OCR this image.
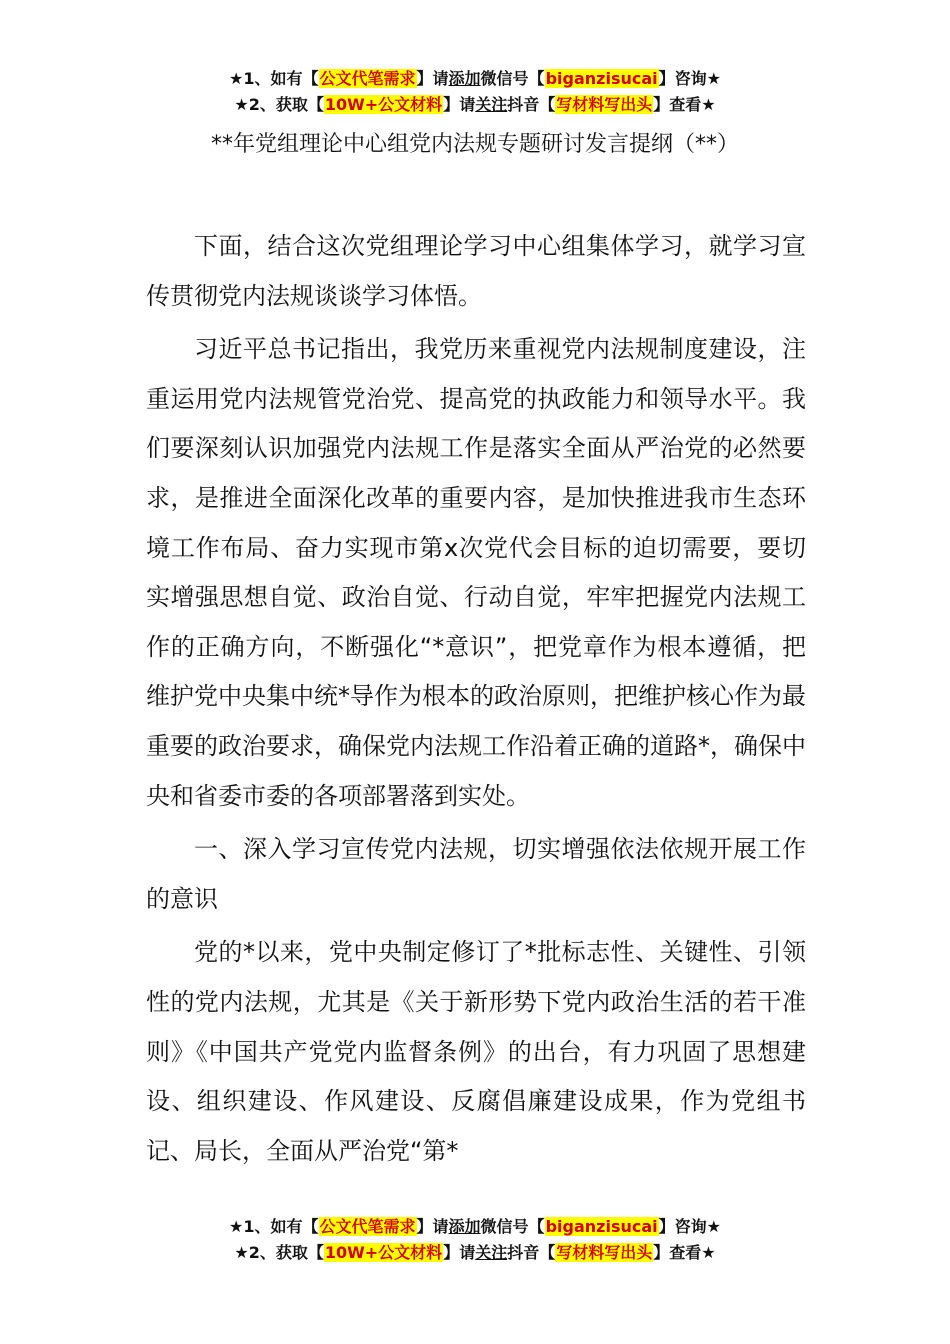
★1、如有【公文代笔需求】请添加微信号【biganzisucai】咨询★
★2、获取【10W+公文材料】请关注抖音【写材料写出头】查看★
**年党组理论中心组党内法规专题研讨发言提纲（**）

下面，结合这次党组理论学习中心组集体学习，就学习宣传贯彻党内法规谈谈学习体悟。

习近平总书记指出，我党历来重视党内法规制度建设，注重运用党内法规管党治党、提高党的执政能力和领导水平。我们要深刻认识加强党内法规工作是落实全面从严治党的必然要求，是推进全面深化改革的重要内容，是加快推进我市生态环境工作布局、奋力实现市第x次党代会目标的迫切需要，要切实增强思想自觉、政治自觉、行动自觉，牢牢把握党内法规工作的正确方向，不断强化“*意识”，把党章作为根本遵循，把维护党中央集中统*导作为根本的政治原则，把维护核心作为最重要的政治要求，确保党内法规工作沿着正确的道路*，确保中央和省委市委的各项部署落到实处。

一、深入学习宣传党内法规，切实增强依法依规开展工作的意识

党的*以来，党中央制定修订了*批标志性、关键性、引领性的党内法规，尤其是《关于新形势下党内政治生活的若干准则》《中国共产党党内监督条例》的出台，有力巩固了思想建设、组织建设、作风建设、反腐倡廉建设成果，作为党组书记、局长，全面从严治党“第*

★1、如有【公文代笔需求】请添加微信号【biganzisucai】咨询★
★2、获取【10W+公文材料】请关注抖音【写材料写出头】查看★
